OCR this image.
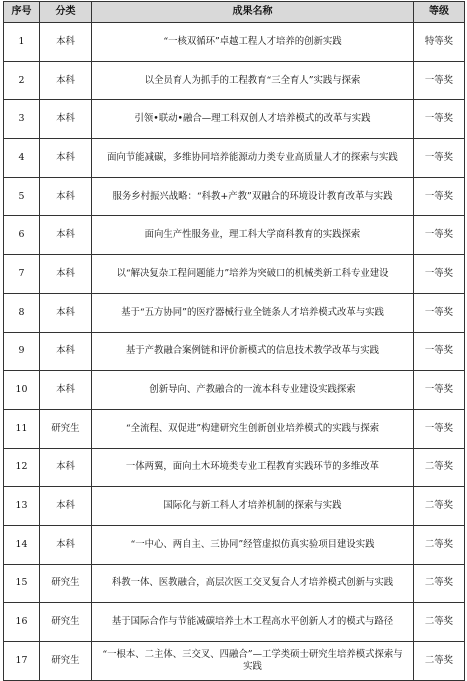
序号	分类	成果名称	等级
1	本科	“一核双循环”卓越工程人才培养的创新实践	特等奖
2	本科	以全员育人为抓手的工程教育“三全育人”实践与探索	一等奖
3	本科	引领•联动•融合—理工科双创人才培养模式的改革与实践	一等奖
4	本科	面向节能减碳，多维协同培养能源动力类专业高质量人才的探索与实践	一等奖
5	本科	服务乡村振兴战略：“科教+产教”双融合的环境设计教育改革与实践	一等奖
6	本科	面向生产性服务业，理工科大学商科教育的实践探索	一等奖
7	本科	以“解决复杂工程问题能力”培养为突破口的机械类新工科专业建设	一等奖
8	本科	基于“五方协同”的医疗器械行业全链条人才培养模式改革与实践	一等奖
9	本科	基于产教融合案例链和评价新模式的信息技术教学改革与实践	一等奖
10	本科	创新导向、产教融合的一流本科专业建设实践探索	一等奖
11	研究生	“全流程、双促进”构建研究生创新创业培养模式的实践与探索	一等奖
12	本科	一体两翼，面向土木环境类专业工程教育实践环节的多维改革	二等奖
13	本科	国际化与新工科人才培养机制的探索与实践	二等奖
14	本科	“一中心、两自主、三协同”经管虚拟仿真实验项目建设实践	二等奖
15	研究生	科教一体、医教融合，高层次医工交叉复合人才培养模式创新与实践	二等奖
16	研究生	基于国际合作与节能减碳培养土木工程高水平创新人才的模式与路径	二等奖
17	研究生	“一根本、二主体、三交叉、四融合”—工学类硕士研究生培养模式探索与实践	二等奖
